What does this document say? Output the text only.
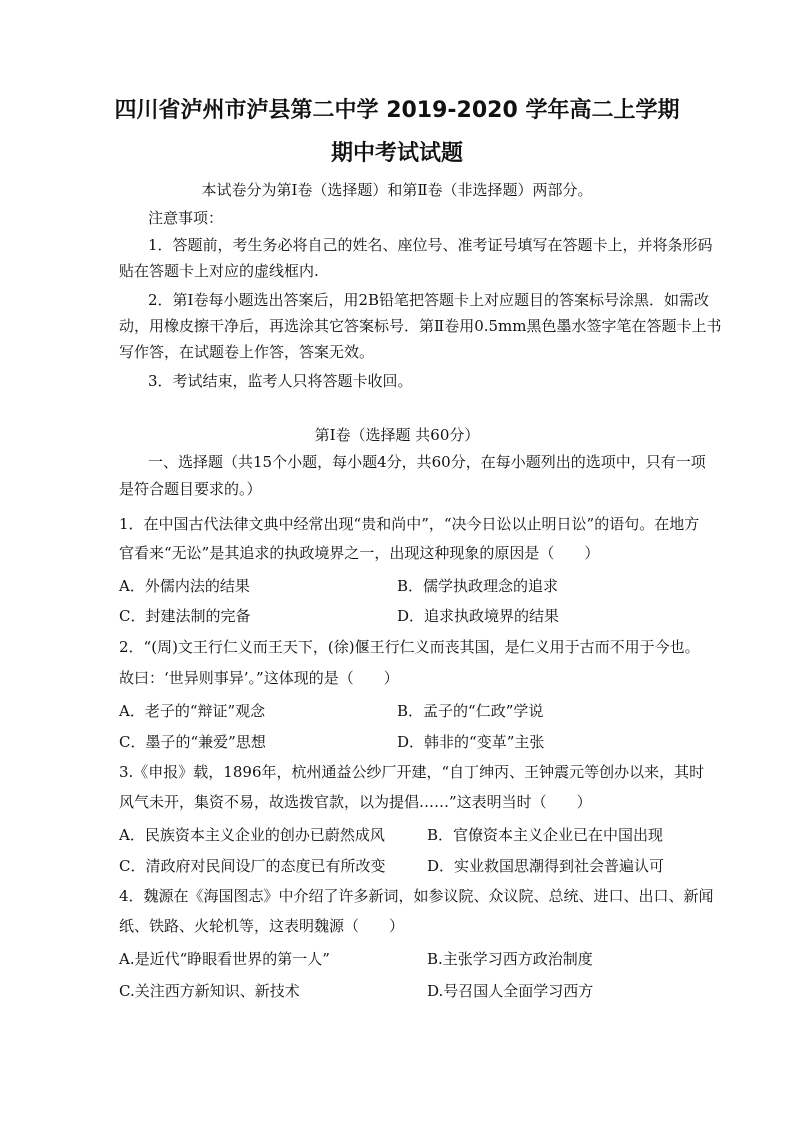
四川省泸州市泸县第二中学 2019-2020 学年高二上学期
期中考试试题
本试卷分为第Ⅰ卷（选择题）和第Ⅱ卷（非选择题）两部分。
注意事项：
1．答题前，考生务必将自己的姓名、座位号、准考证号填写在答题卡上，并将条形码
贴在答题卡上对应的虚线框内.
2．第Ⅰ卷每小题选出答案后，用2B铅笔把答题卡上对应题目的答案标号涂黑．如需改
动，用橡皮擦干净后，再选涂其它答案标号．第Ⅱ卷用0.5mm黑色墨水签字笔在答题卡上书
写作答，在试题卷上作答，答案无效。
3．考试结束，监考人只将答题卡收回。
第Ⅰ卷（选择题 共60分）
一、选择题（共15个小题，每小题4分，共60分，在每小题列出的选项中，只有一项
是符合题目要求的。）
1．在中国古代法律文典中经常出现“贵和尚中”，“决今日讼以止明日讼”的语句。在地方
官看来“无讼”是其追求的执政境界之一，出现这种现象的原因是（　　）
A．外儒内法的结果	B．儒学执政理念的追求
C．封建法制的完备	D．追求执政境界的结果
2．“(周)文王行仁义而王天下，(徐)偃王行仁义而丧其国，是仁义用于古而不用于今也。
故曰：‘世异则事异’。”这体现的是（　　）
A．老子的“辩证”观念	B．孟子的“仁政”学说
C．墨子的“兼爱”思想	D．韩非的“变革”主张
3.《申报》载，1896年，杭州通益公纱厂开建，“自丁绅丙、王钟震元等创办以来，其时
风气未开，集资不易，故选拨官款，以为提倡……”这表明当时（　　）
A．民族资本主义企业的创办已蔚然成风	B．官僚资本主义企业已在中国出现
C．清政府对民间设厂的态度已有所改变	D．实业救国思潮得到社会普遍认可
4．魏源在《海国图志》中介绍了许多新词，如参议院、众议院、总统、进口、出口、新闻
纸、铁路、火轮机等，这表明魏源（　　）
A.是近代“睁眼看世界的第一人”	B.主张学习西方政治制度
C.关注西方新知识、新技术	D.号召国人全面学习西方
